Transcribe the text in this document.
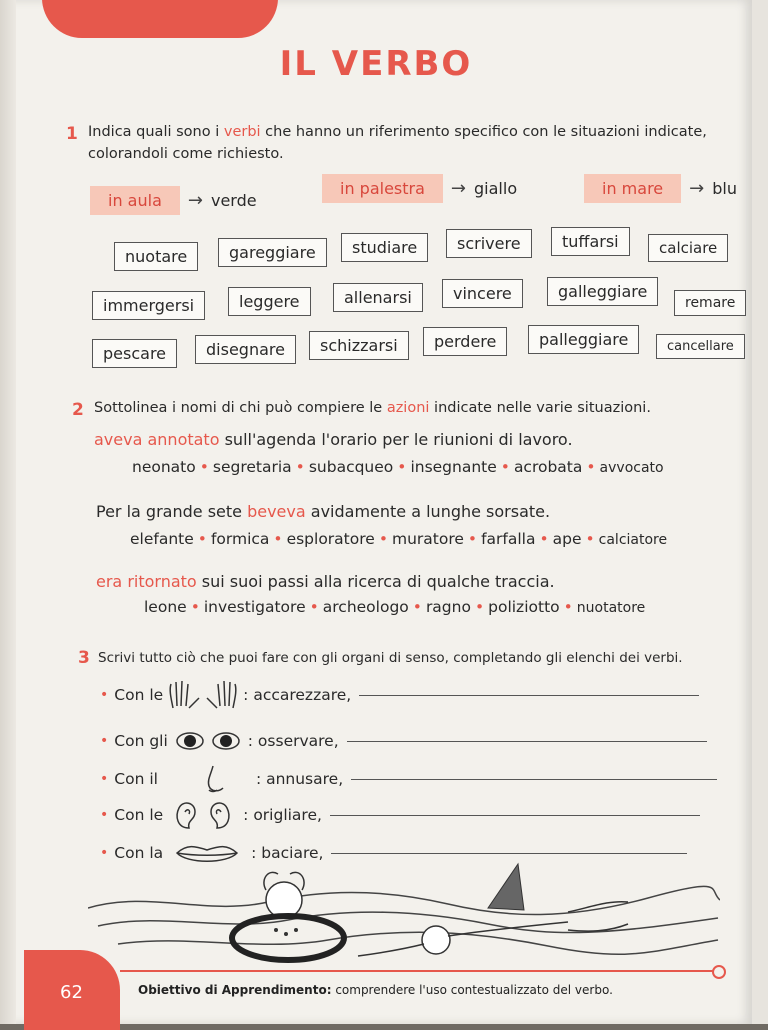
IL VERBO
1 Indica quali sono i verbi che hanno un riferimento specifico con le situazioni indicate,
colorandoli come richiesto.
in aula	→ verde
in palestra	→ giallo	in mare	→ blu
nuotare	gareggiare	studiare	scrivere	tuffarsi	calciare
immergersi	leggere	allenarsi	vincere	galleggiare
remare
pescare	disegnare	schizzarsi	perdere	palleggiare	cancellare
2 Sottolinea i nomi di chi può compiere le azioni indicate nelle varie situazioni.
aveva annotato sull'agenda l'orario per le riunioni di lavoro.
neonato • segretaria • subacqueo • insegnante • acrobata • avvocato
Per la grande sete beveva avidamente a lunghe sorsate.
elefante • formica • esploratore • muratore • farfalla • ape • calciatore
era ritornato sui suoi passi alla ricerca di qualche traccia.
leone • investigatore • archeologo • ragno • poliziotto • nuotatore
3 Scrivi tutto ciò che puoi fare con gli organi di senso, completando gli elenchi dei verbi.
• Con le	: accarezzare,
• Con gli	: osservare,
• Con il	: annusare,
• Con le	: origliare,
• Con la	: baciare,
62	Obiettivo di Apprendimento: comprendere l'uso contestualizzato del verbo.
